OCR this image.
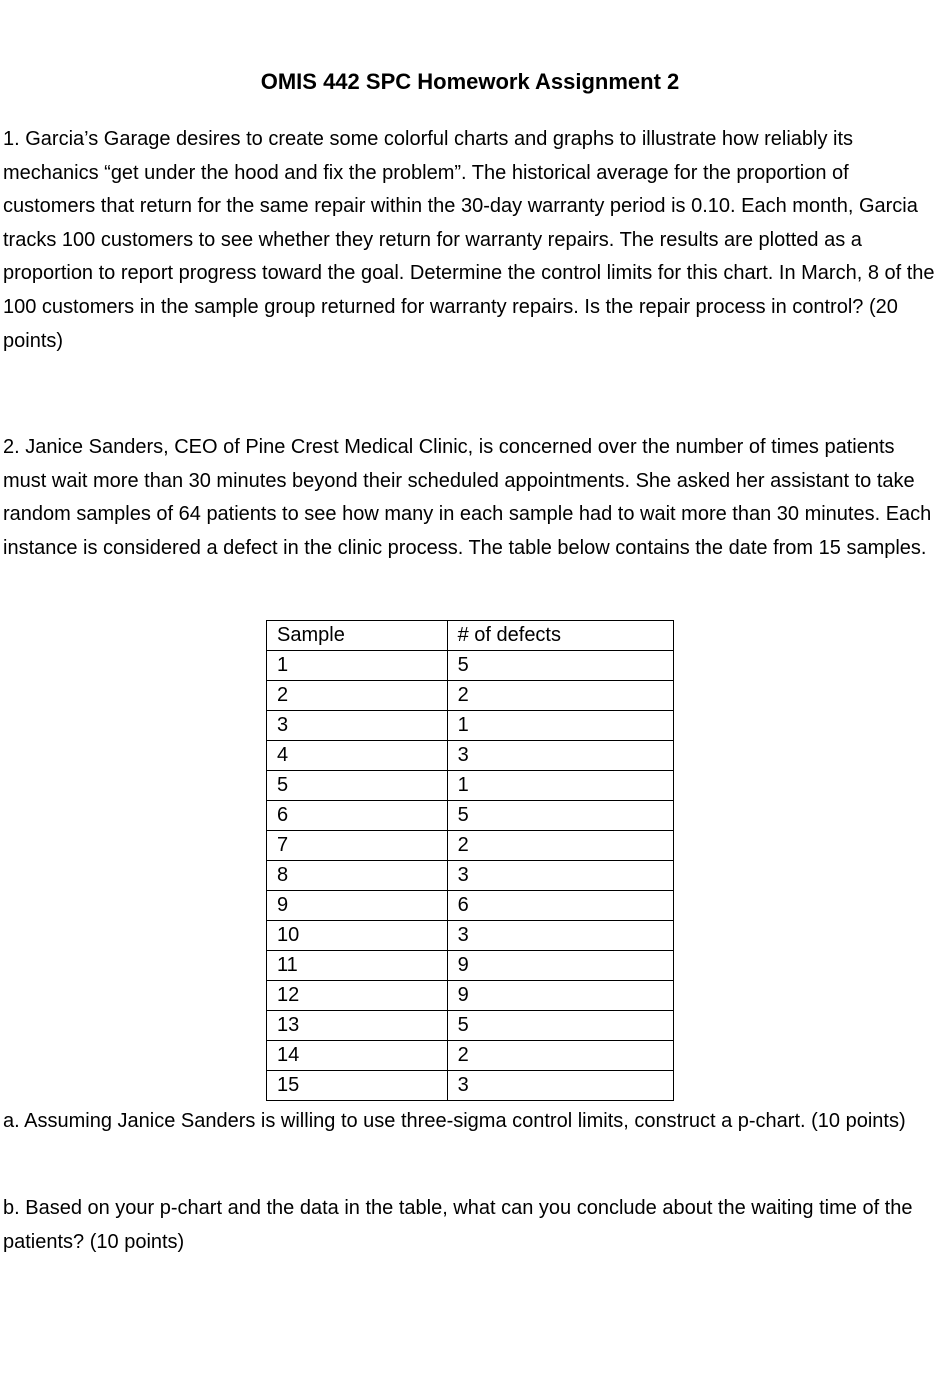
OMIS 442 SPC Homework Assignment 2
1. Garcia’s Garage desires to create some colorful charts and graphs to illustrate how reliably its mechanics “get under the hood and fix the problem”. The historical average for the proportion of customers that return for the same repair within the 30-day warranty period is 0.10. Each month, Garcia tracks 100 customers to see whether they return for warranty repairs. The results are plotted as a proportion to report progress toward the goal. Determine the control limits for this chart. In March, 8 of the 100 customers in the sample group returned for warranty repairs. Is the repair process in control? (20 points)
2. Janice Sanders, CEO of Pine Crest Medical Clinic, is concerned over the number of times patients must wait more than 30 minutes beyond their scheduled appointments. She asked her assistant to take random samples of 64 patients to see how many in each sample had to wait more than 30 minutes. Each instance is considered a defect in the clinic process. The table below contains the date from 15 samples.
Sample	# of defects
1	5
2	2
3	1
4	3
5	1
6	5
7	2
8	3
9	6
10	3
11	9
12	9
13	5
14	2
15	3
a. Assuming Janice Sanders is willing to use three-sigma control limits, construct a p-chart. (10 points)
b. Based on your p-chart and the data in the table, what can you conclude about the waiting time of the patients? (10 points)
